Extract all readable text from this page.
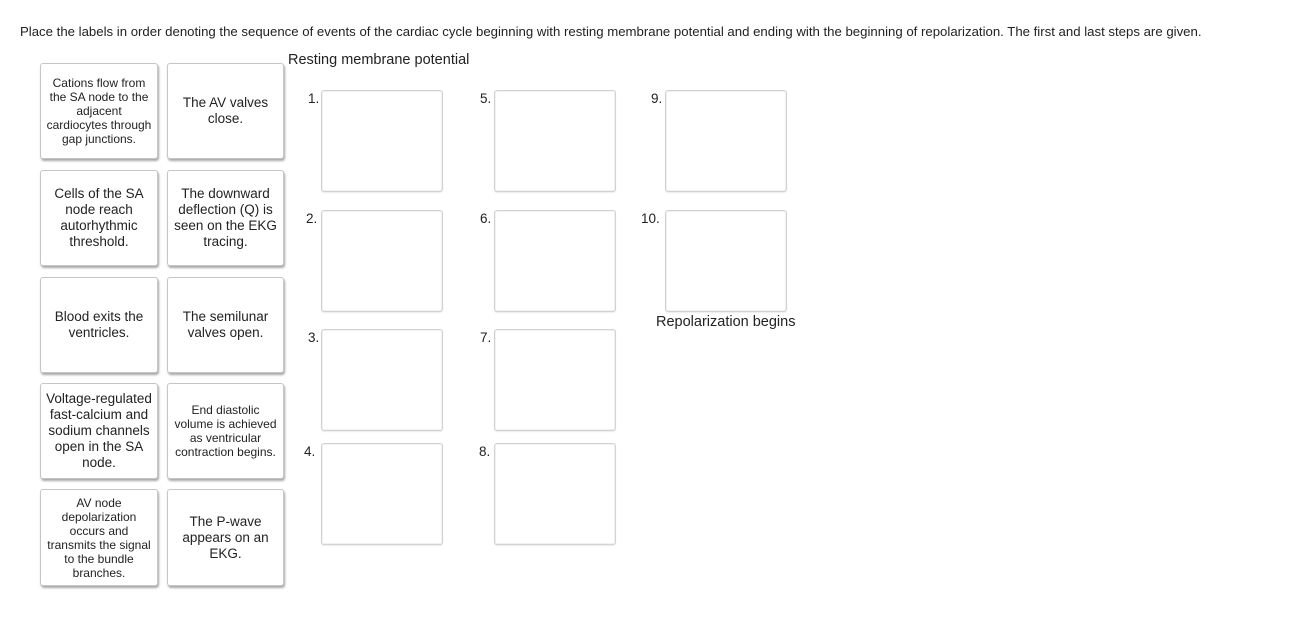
Place the labels in order denoting the sequence of events of the cardiac cycle beginning with resting membrane potential and ending with the beginning of repolarization. The first and last steps are given.
Resting membrane potential
Cations flow from the SA node to the adjacent cardiocytes through gap junctions.
The AV valves close.
Cells of the SA node reach autorhythmic threshold.
The downward deflection (Q) is seen on the EKG tracing.
Blood exits the ventricles.
The semilunar valves open.
Voltage-regulated fast-calcium and sodium channels open in the SA node.
End diastolic volume is achieved as ventricular contraction begins.
AV node depolarization occurs and transmits the signal to the bundle branches.
The P-wave appears on an EKG.
1.
2.
3.
4.
5.
6.
7.
8.
9.
10.
Repolarization begins
